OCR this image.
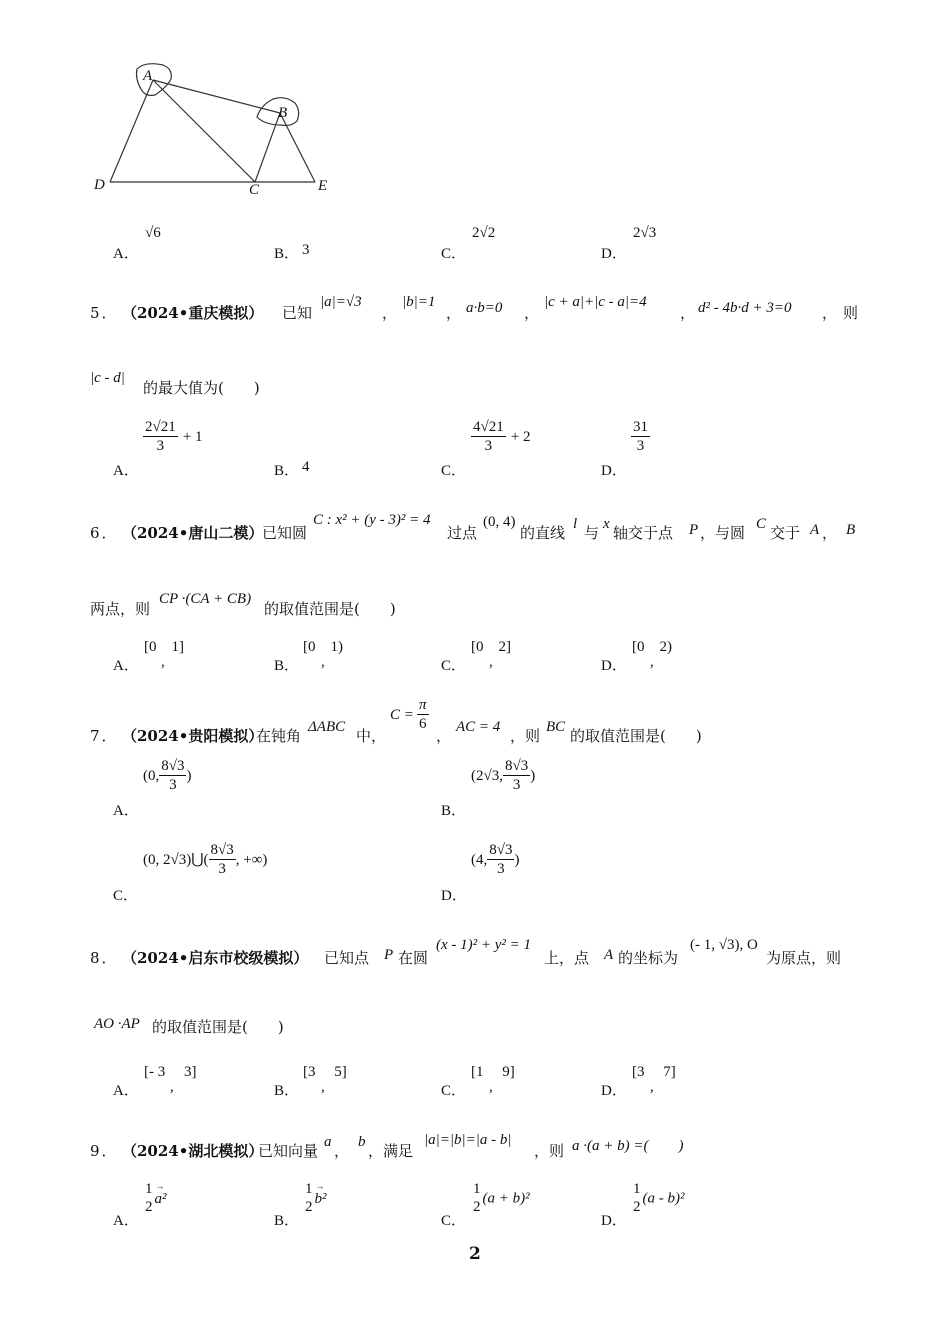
A
B
C
D	E
A．
√6
B． 3	C．
2√2
D．
2√3
5． （2024•重庆模拟） 已知
|a|=√3
，
|b|=1
， a·b=0 ，
|c + a|+|c - a|=4
， d² - 4b·d + 3=0 ， 则
|c - d|
的最大值为(　　)
A．
$\frac{2√21}{3} + 1$
B． 4	C．
$\frac{4√21}{3} + 2$
D．
$\frac{31}{3}$
6． （2024•唐山二模）
已知圆
C : x² + (y - 3)² = 4
过点
(0, 4)
的直线 l 与 x 轴交于点 P ，与圆 C 交于 A ， B
两点，则
CP ·(CA + CB)
的取值范围是(　　)
A．
[0　1]
,	B．
[0　1)
,	C．
[0　2]
,	D．
[0　2)
,
7． （2024•贵阳模拟）
在钝角 ΔABC 中，
$C = \frac{\pi}{6}$
， AC = 4 ，则 BC 的取值范围是(　　)
A．
(0, $\frac{8√3}{3}$ )
B．
(2√3, $\frac{8√3}{3}$ )
C．
(0, 2√3)⋃( $\frac{8√3}{3}$ , +∞)
D．
(4, $\frac{8√3}{3}$ )
8． （2024•启东市校级模拟） 已知点 P 在圆
(x - 1)² + y² = 1
上，点 A 的坐标为
(- 1, √3), O
为原点，则
AO ·AP 的取值范围是(　　)
A．
[- 3　 3]
,	B．
[3　 5]
,	C．
[1　 9]
,	D．
[3　 7]
,
9． （2024•湖北模拟）
已知向量 a ， b ，满足
|a|=|b|=|a - b|
，则 a ·(a + b) =(　　)
A．
1
2
→ a²
B．
1
2
→ b²
C．
1
2
(a + b)²
D．
1
2
(a - b)²
2
